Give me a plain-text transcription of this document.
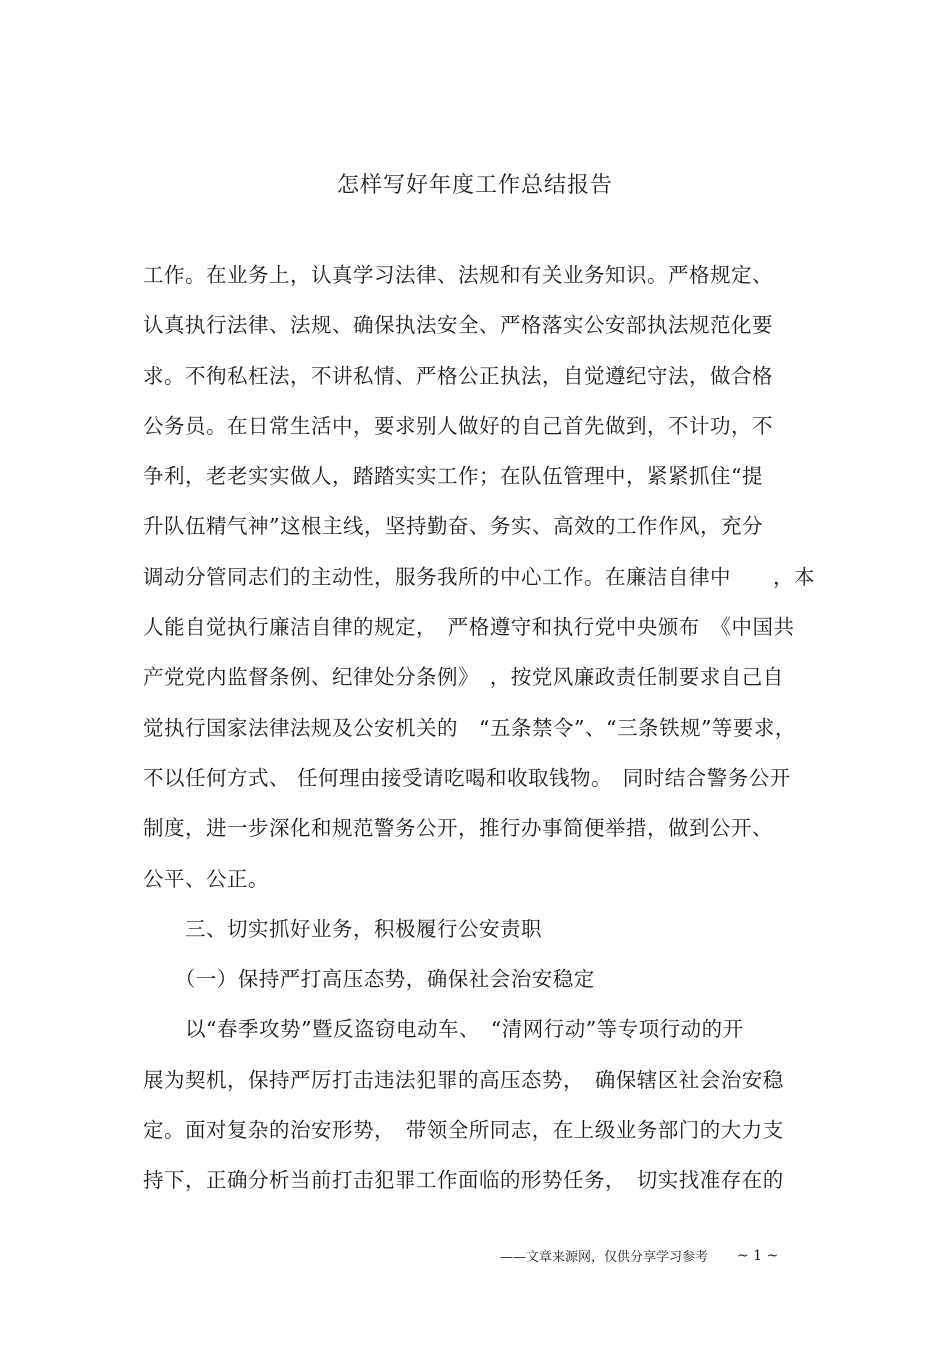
怎样写好年度工作总结报告
工作。在业务上，认真学习法律、法规和有关业务知识。严格规定、
认真执行法律、法规、确保执法安全、严格落实公安部执法规范化要
求。不徇私枉法，不讲私情、严格公正执法，自觉遵纪守法，做合格
公务员。在日常生活中，要求别人做好的自己首先做到，不计功，不
争利，老老实实做人，踏踏实实工作；在队伍管理中，紧紧抓住“提
升队伍精气神”这根主线，坚持勤奋、务实、高效的工作作风，充分
调动分管同志们的主动性，服务我所的中心工作。在廉洁自律中　　，本
人能自觉执行廉洁自律的规定，　严格遵守和执行党中央颁布　《中国共
产党党内监督条例、纪律处分条例》　，按党风廉政责任制要求自己自
觉执行国家法律法规及公安机关的　“五条禁令”、“三条铁规”等要求，
不以任何方式、 任何理由接受请吃喝和收取钱物。　同时结合警务公开
制度，进一步深化和规范警务公开，推行办事简便举措，做到公开、
公平、公正。
　　三、切实抓好业务，积极履行公安责职
　　（一）保持严打高压态势，确保社会治安稳定
　　以“春季攻势”暨反盗窃电动车、　“清网行动”等专项行动的开
展为契机，保持严厉打击违法犯罪的高压态势，　确保辖区社会治安稳
定。面对复杂的治安形势，　带领全所同志，在上级业务部门的大力支
持下，正确分析当前打击犯罪工作面临的形势任务，　切实找准存在的
——文章来源网，仅供分享学习参考 ~ 1 ~
